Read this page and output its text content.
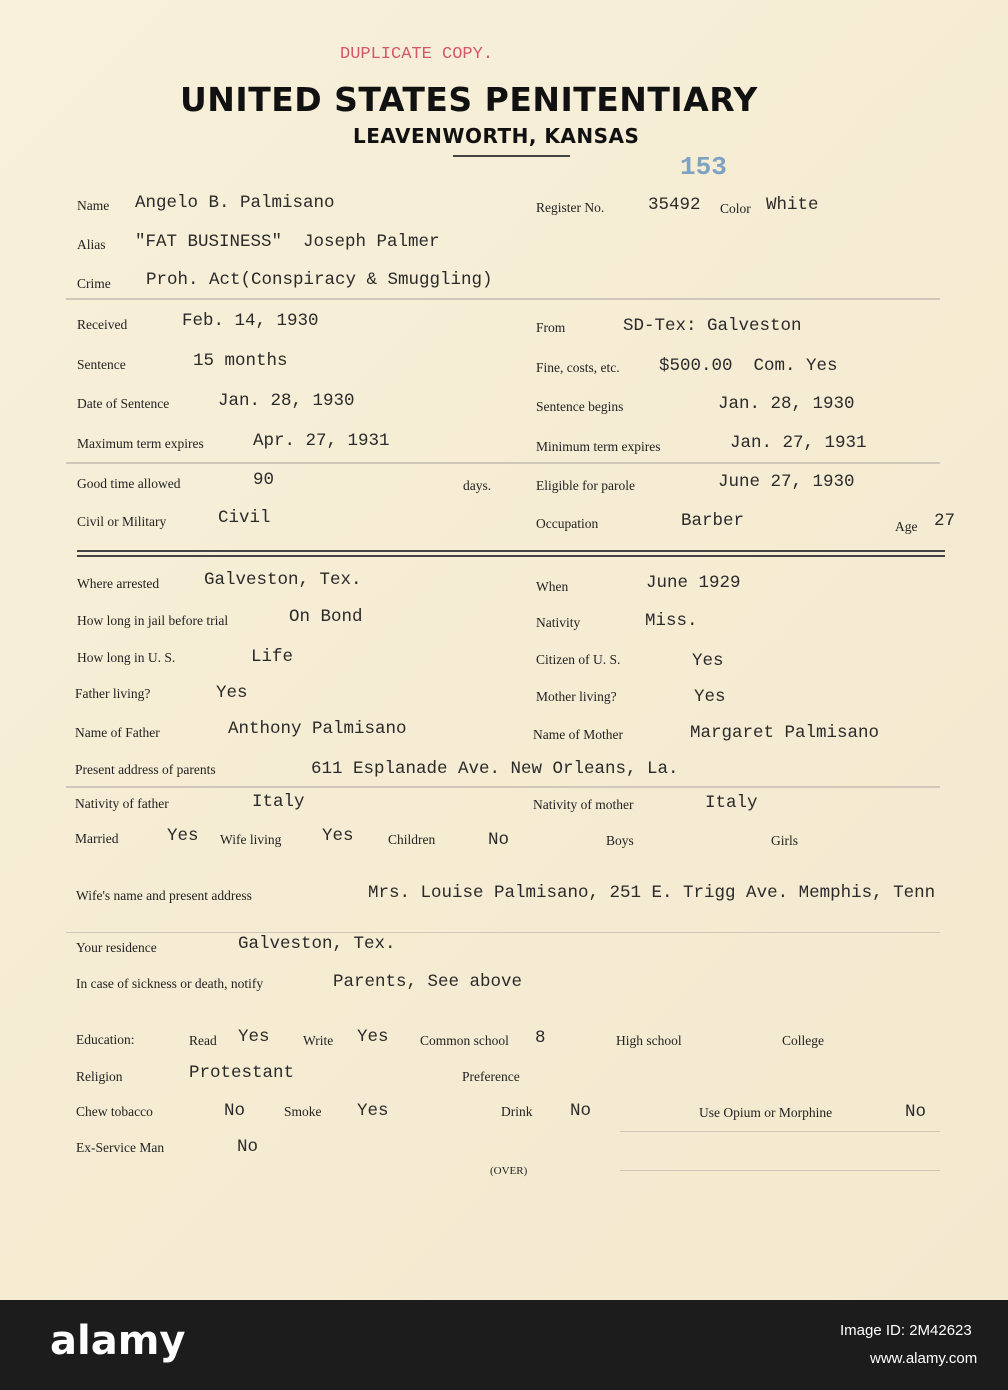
DUPLICATE COPY.
UNITED STATES PENITENTIARY
LEAVENWORTH, KANSAS
153
Name Angelo B. Palmisano	Register No.	35492 Color White
Alias "FAT BUSINESS"  Joseph Palmer
Crime Proh. Act(Conspiracy & Smuggling)
Received	Feb. 14, 1930	From	SD-Tex: Galveston
Sentence	15 months	Fine, costs, etc. $500.00  Com. Yes
Date of Sentence	Jan. 28, 1930	Sentence begins	Jan. 28, 1930
Maximum term expires	Apr. 27, 1931	Minimum term expires	Jan. 27, 1931
Good time allowed	90	days.	Eligible for parole	June 27, 1930
Civil or Military	Civil	Occupation	Barber	Age 27
Where arrested	Galveston, Tex.	When	June 1929
How long in jail before trial	On Bond	Nativity	Miss.
How long in U. S.	Life	Citizen of U. S.	Yes
Father living?	Yes	Mother living?	Yes
Name of Father	Anthony Palmisano	Name of Mother	Margaret Palmisano
Present address of parents	611 Esplanade Ave. New Orleans, La.
Nativity of father	Italy	Nativity of mother	Italy
Married	Yes Wife living Yes	Children	No	Boys	Girls
Wife's name and present address	Mrs. Louise Palmisano, 251 E. Trigg Ave. Memphis, Tenn
Your residence	Galveston, Tex.
In case of sickness or death, notify	Parents, See above
Education:	Read Yes Write Yes Common school 8	High school	College
Religion	Protestant	Preference
Chew tobacco	No	Smoke Yes	Drink No	Use Opium or Morphine	No
Ex-Service Man	No
(OVER)
alamy	Image ID: 2M42623
www.alamy.com
